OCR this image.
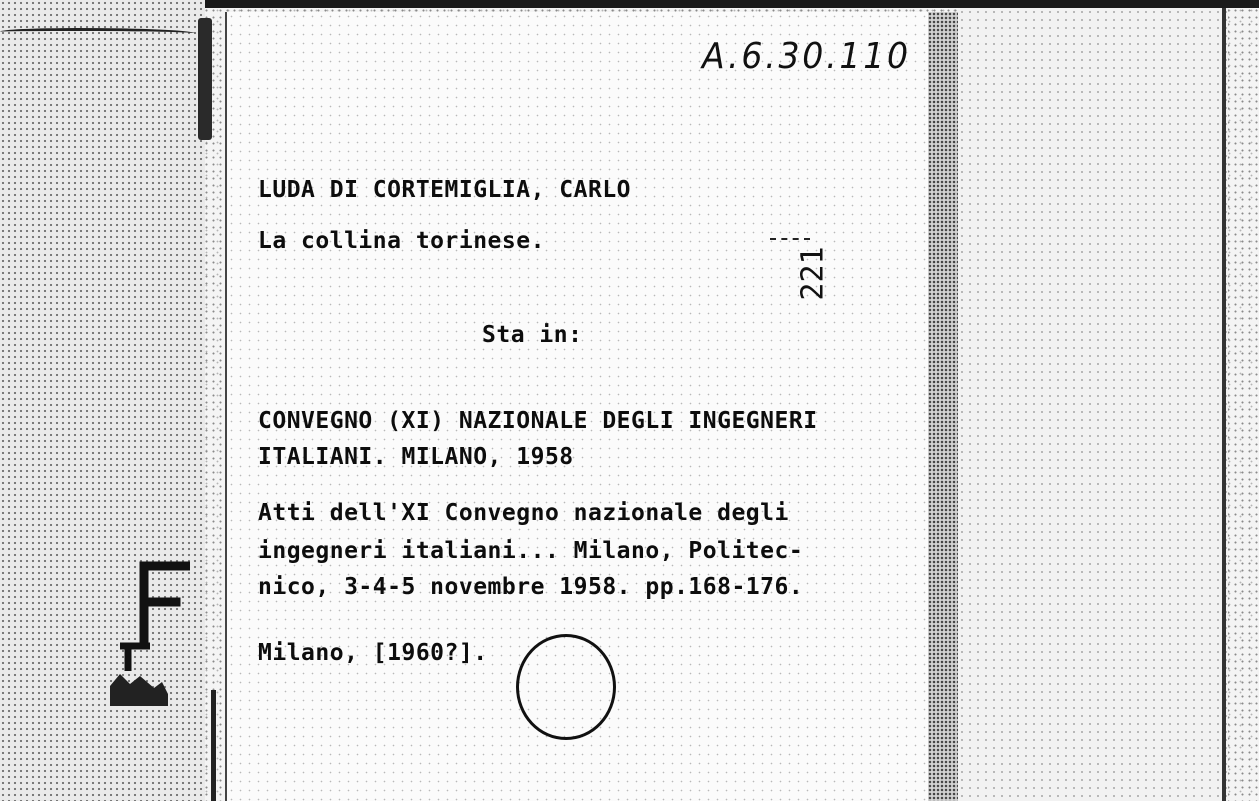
A.6.30.110
LUDA DI CORTEMIGLIA, CARLO
La collina torinese.
221
Sta in:
CONVEGNO (XI) NAZIONALE DEGLI INGEGNERI
ITALIANI. MILANO, 1958
Atti dell'XI Convegno nazionale degli
ingegneri italiani... Milano, Politec-
nico, 3-4-5 novembre 1958. pp.168-176.
Milano, [1960?].
